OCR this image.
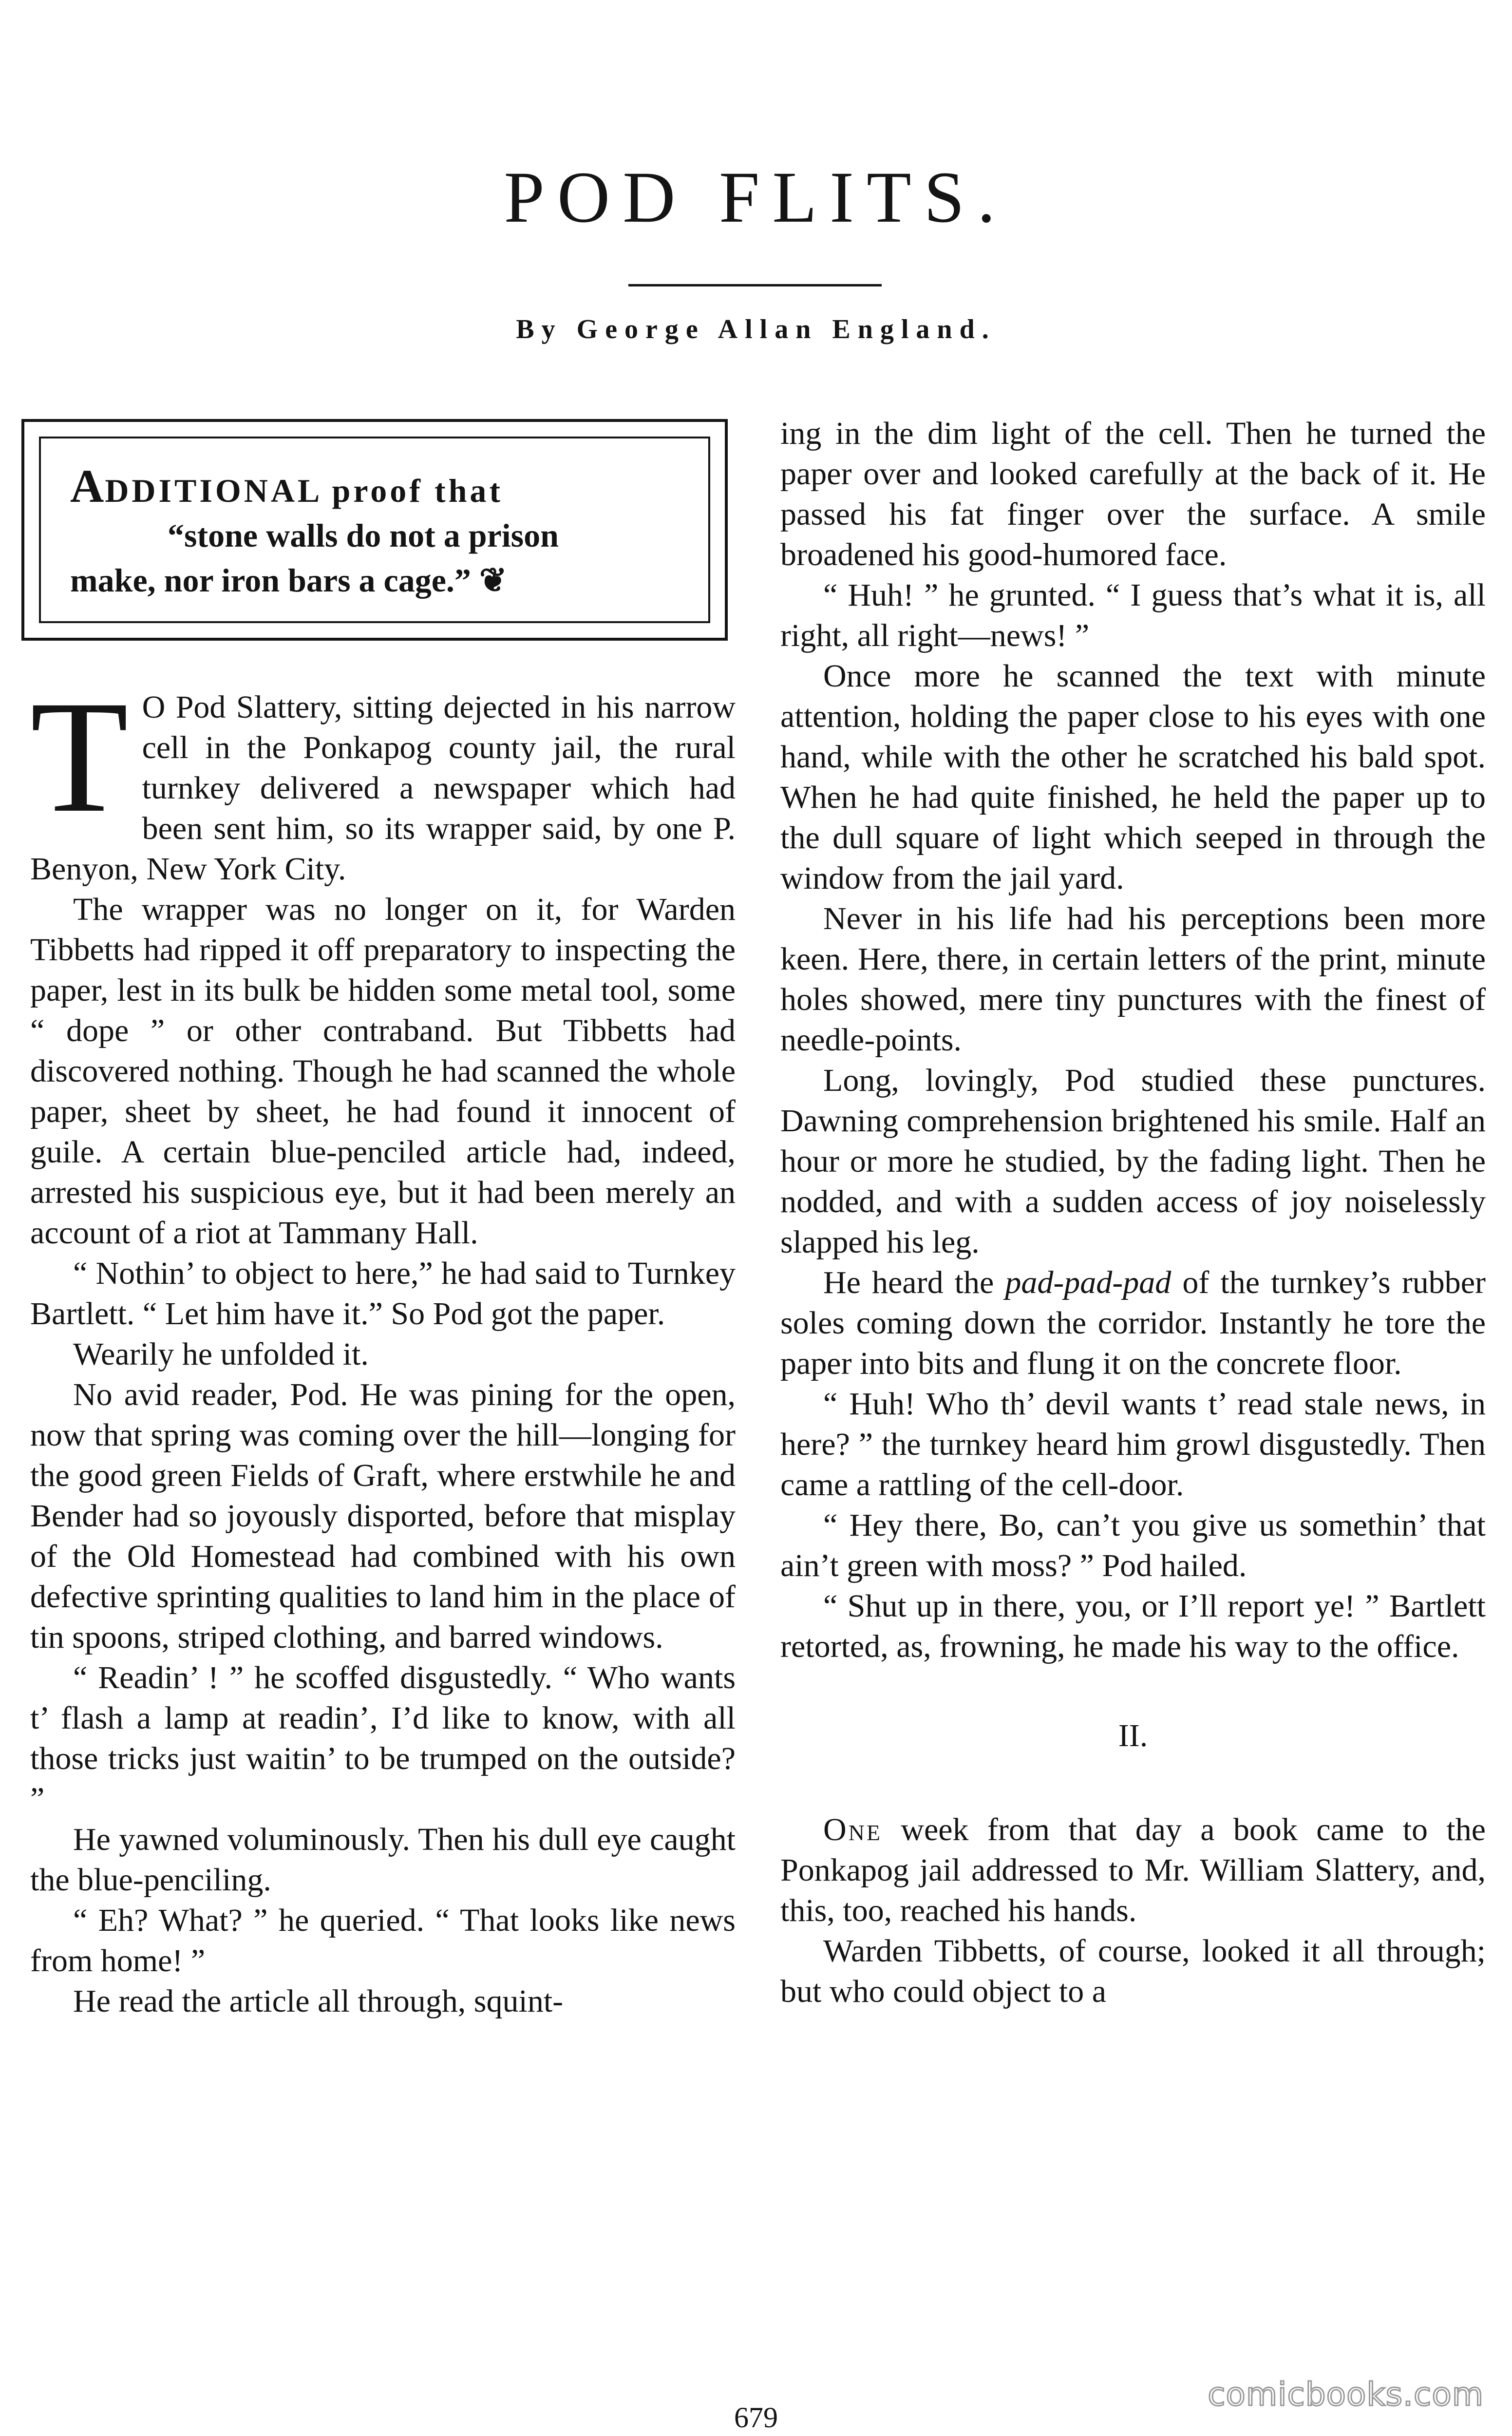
POD FLITS.
By George Allan England.
ADDITIONAL proof that
“stone walls do not a prison
make, nor iron bars a cage.” ❦

T O Pod Slattery, sitting dejected in his narrow cell in the Ponkapog county jail, the rural turnkey delivered a newspaper which had been sent him, so its wrapper said, by one P. Benyon, New York City.

The wrapper was no longer on it, for Warden Tibbetts had ripped it off preparatory to inspecting the paper, lest in its bulk be hidden some metal tool, some “ dope ” or other contraband. But Tibbetts had discovered nothing. Though he had scanned the whole paper, sheet by sheet, he had found it innocent of guile. A certain blue-penciled article had, indeed, arrested his suspicious eye, but it had been merely an account of a riot at Tammany Hall.

“ Nothin’ to object to here,” he had said to Turnkey Bartlett. “ Let him have it.” So Pod got the paper.

Wearily he unfolded it.

No avid reader, Pod. He was pining for the open, now that spring was coming over the hill—longing for the good green Fields of Graft, where erstwhile he and Bender had so joyously disported, before that misplay of the Old Homestead had combined with his own defective sprinting qualities to land him in the place of tin spoons, striped clothing, and barred windows.

“ Readin’ ! ” he scoffed disgustedly. “ Who wants t’ flash a lamp at readin’, I’d like to know, with all those tricks just waitin’ to be trumped on the outside? ”

He yawned voluminously. Then his dull eye caught the blue-penciling.

“ Eh? What? ” he queried. “ That looks like news from home! ”

He read the article all through, squint-

ing in the dim light of the cell. Then he turned the paper over and looked carefully at the back of it. He passed his fat finger over the surface. A smile broadened his good-humored face.

“ Huh! ” he grunted. “ I guess that’s what it is, all right, all right—news! ”

Once more he scanned the text with minute attention, holding the paper close to his eyes with one hand, while with the other he scratched his bald spot. When he had quite finished, he held the paper up to the dull square of light which seeped in through the window from the jail yard.

Never in his life had his perceptions been more keen. Here, there, in certain letters of the print, minute holes showed, mere tiny punctures with the finest of needle-points.

Long, lovingly, Pod studied these punctures. Dawning comprehension brightened his smile. Half an hour or more he studied, by the fading light. Then he nodded, and with a sudden access of joy noiselessly slapped his leg.

He heard the pad-pad-pad of the turnkey’s rubber soles coming down the corridor. Instantly he tore the paper into bits and flung it on the concrete floor.

“ Huh! Who th’ devil wants t’ read stale news, in here? ” the turnkey heard him growl disgustedly. Then came a rattling of the cell-door.

“ Hey there, Bo, can’t you give us somethin’ that ain’t green with moss? ” Pod hailed.

“ Shut up in there, you, or I’ll report ye! ” Bartlett retorted, as, frowning, he made his way to the office.

II.

One week from that day a book came to the Ponkapog jail addressed to Mr. William Slattery, and, this, too, reached his hands.

Warden Tibbetts, of course, looked it all through; but who could object to a

679
comicbooks.com
